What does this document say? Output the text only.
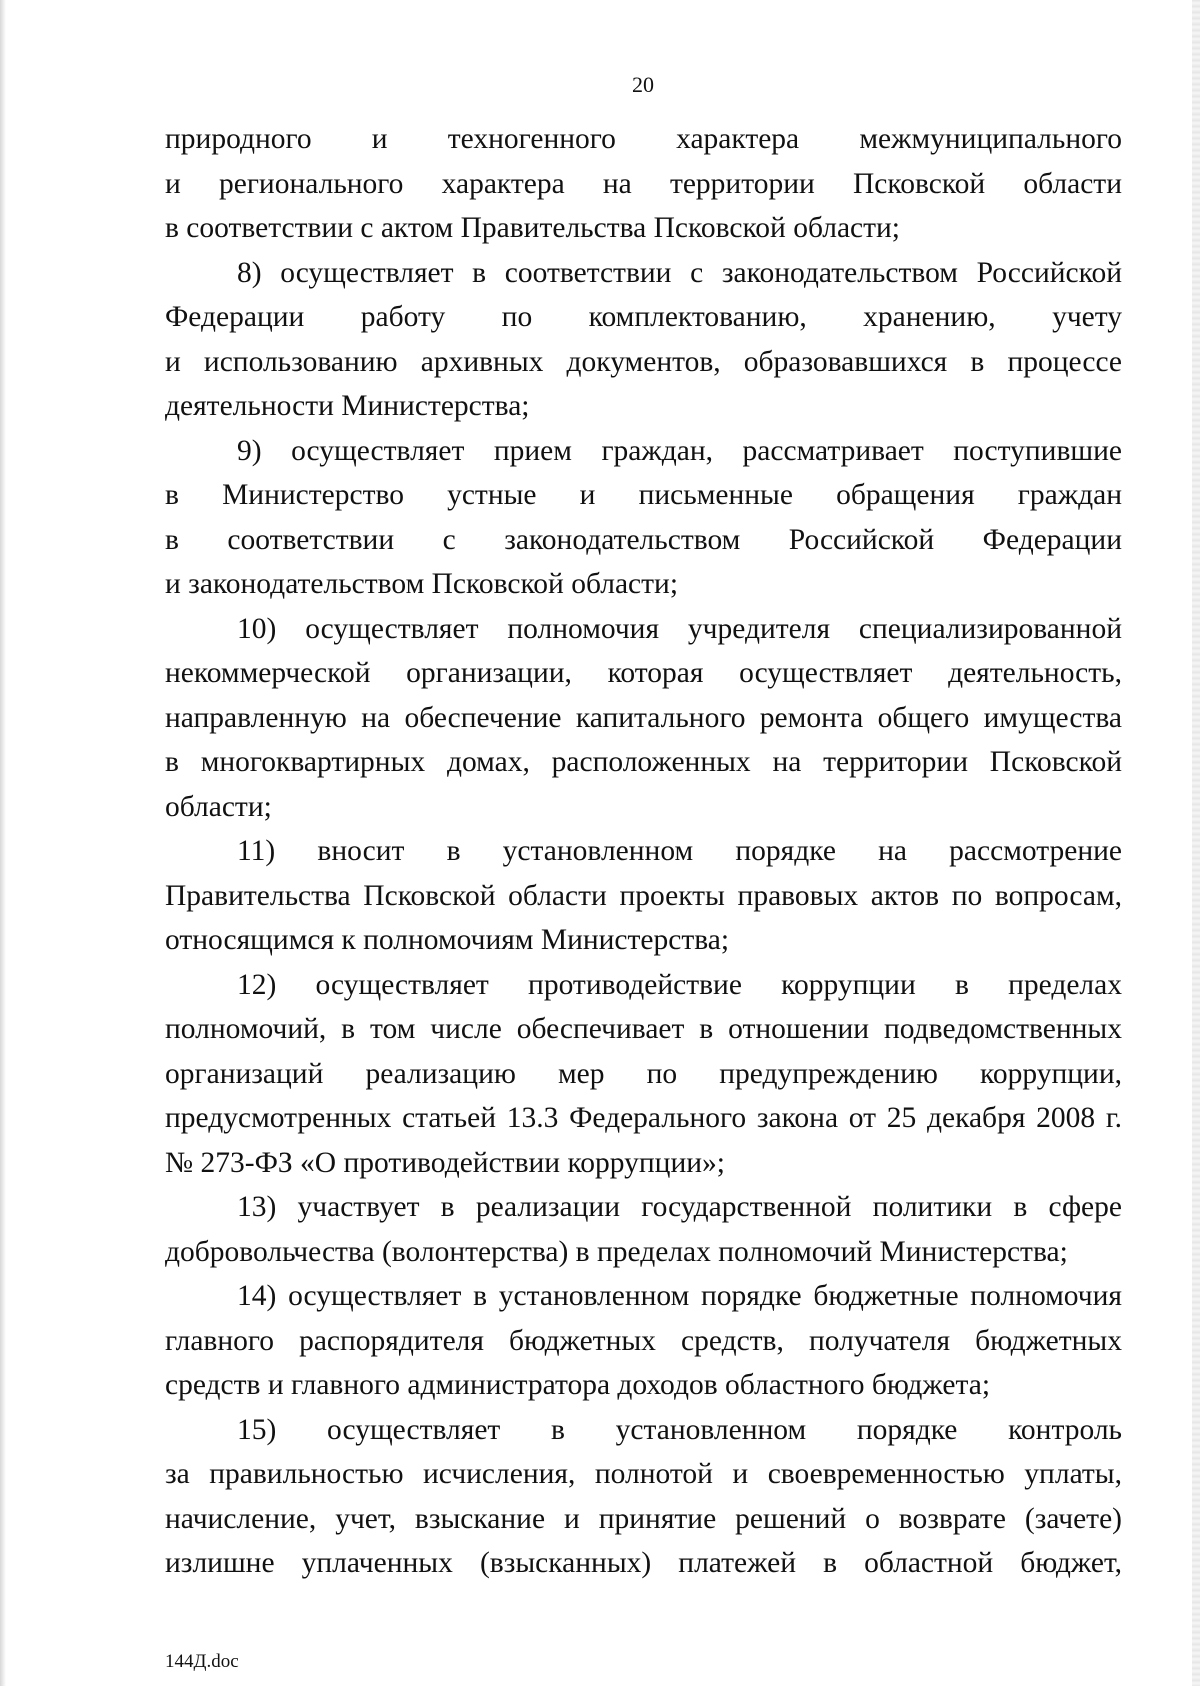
20
природного и техногенного характера межмуниципального
и регионального характера на территории Псковской области
в соответствии с актом Правительства Псковской области;
8) осуществляет в соответствии с законодательством Российской
Федерации работу по комплектованию, хранению, учету
и использованию архивных документов, образовавшихся в процессе
деятельности Министерства;
9) осуществляет прием граждан, рассматривает поступившие
в Министерство устные и письменные обращения граждан
в соответствии с законодательством Российской Федерации
и законодательством Псковской области;
10) осуществляет полномочия учредителя специализированной
некоммерческой организации, которая осуществляет деятельность,
направленную на обеспечение капитального ремонта общего имущества
в многоквартирных домах, расположенных на территории Псковской
области;
11) вносит в установленном порядке на рассмотрение
Правительства Псковской области проекты правовых актов по вопросам,
относящимся к полномочиям Министерства;
12) осуществляет противодействие коррупции в пределах
полномочий, в том числе обеспечивает в отношении подведомственных
организаций реализацию мер по предупреждению коррупции,
предусмотренных статьей 13.3 Федерального закона от 25 декабря 2008 г.
№ 273-ФЗ «О противодействии коррупции»;
13) участвует в реализации государственной политики в сфере
добровольчества (волонтерства) в пределах полномочий Министерства;
14) осуществляет в установленном порядке бюджетные полномочия
главного распорядителя бюджетных средств, получателя бюджетных
средств и главного администратора доходов областного бюджета;
15) осуществляет в установленном порядке контроль
за правильностью исчисления, полнотой и своевременностью уплаты,
начисление, учет, взыскание и принятие решений о возврате (зачете)
излишне уплаченных (взысканных) платежей в областной бюджет,
144Д.doc
